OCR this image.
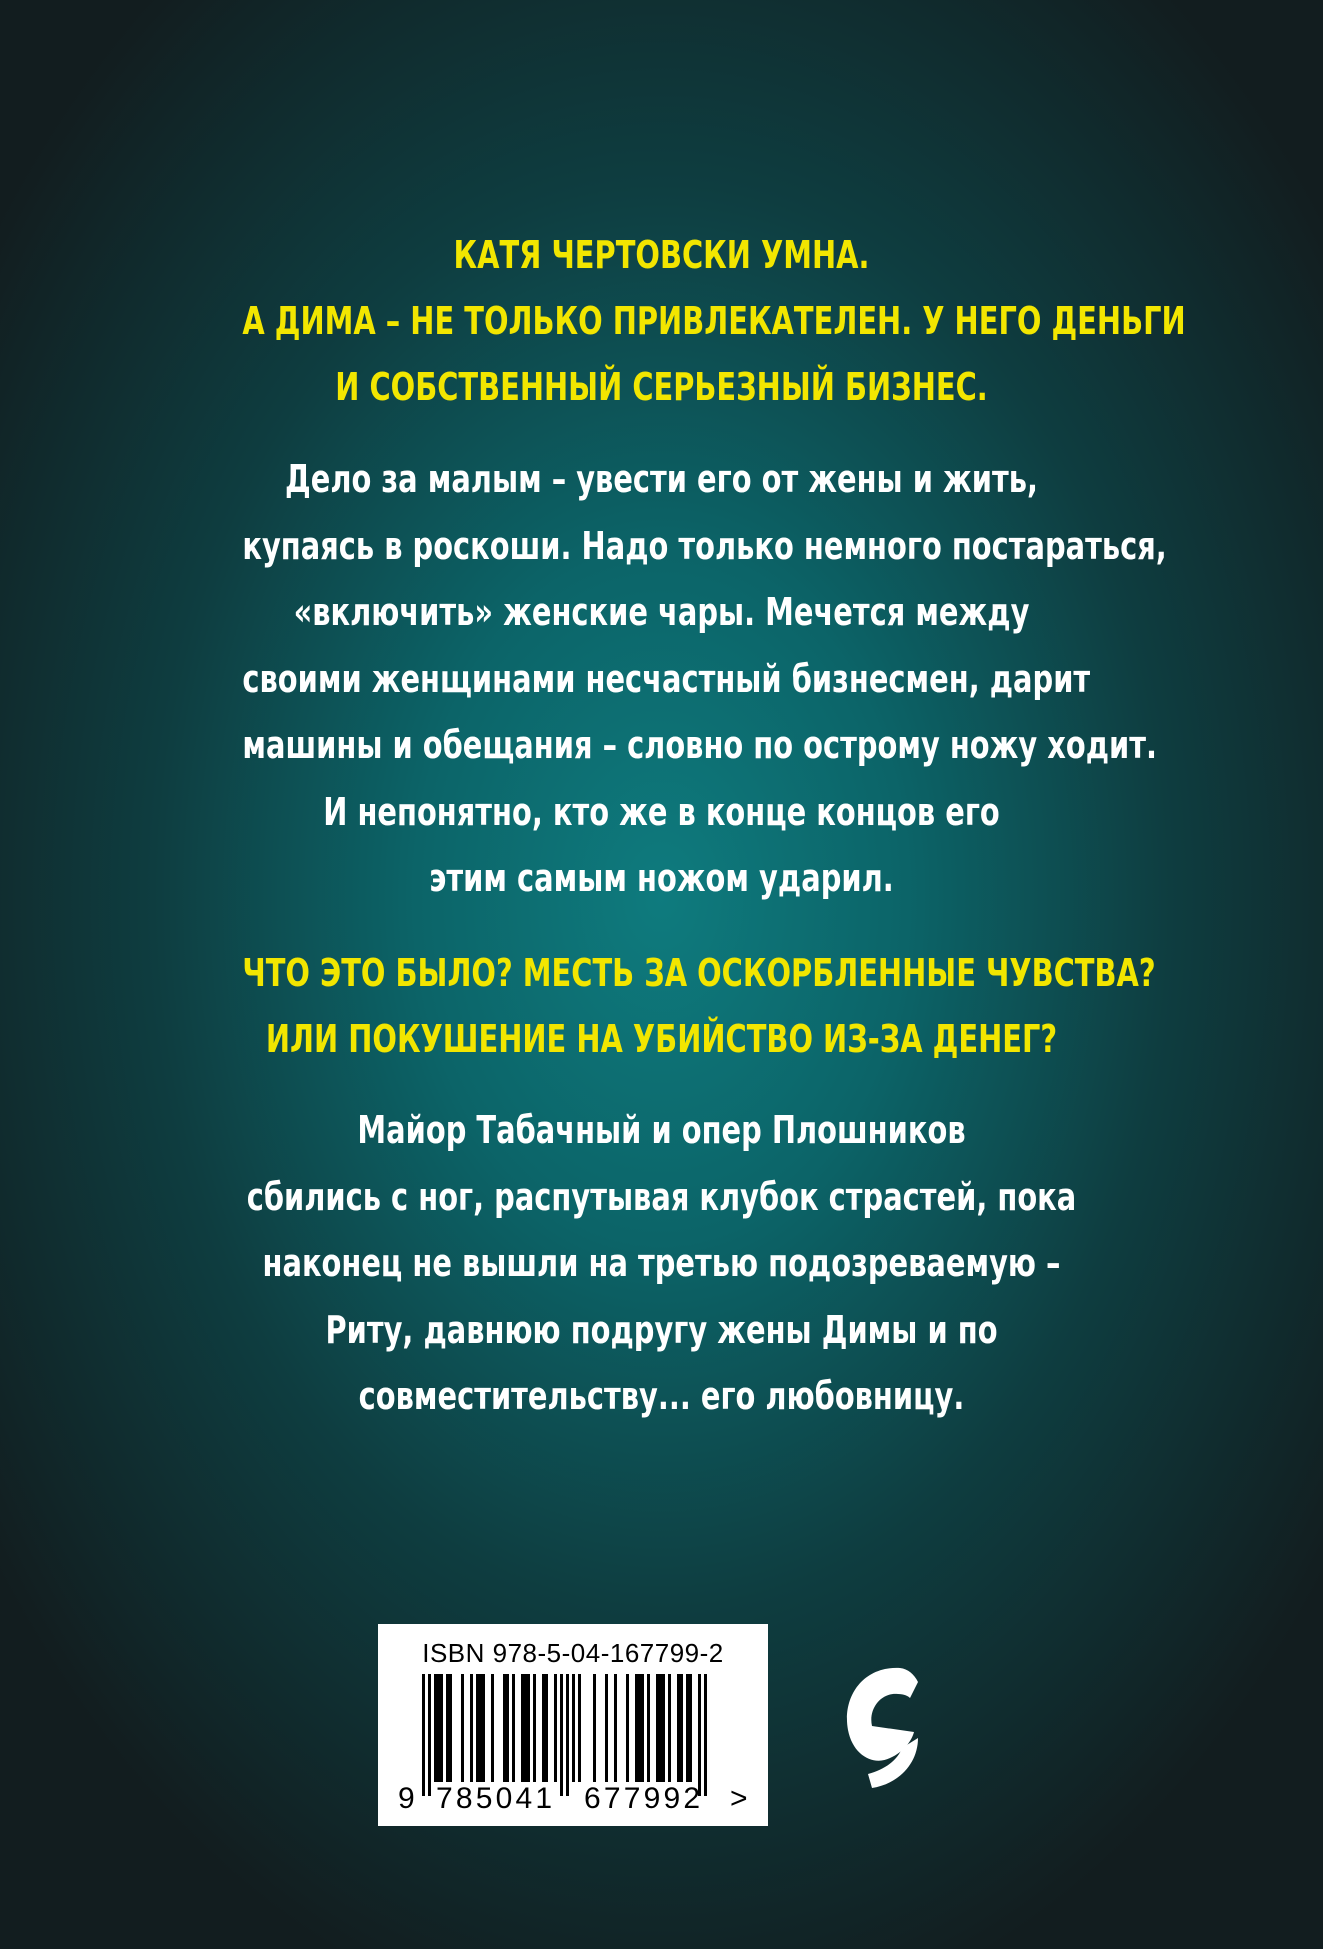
КАТЯ ЧЕРТОВСКИ УМНА.
А ДИМА – НЕ ТОЛЬКО ПРИВЛЕКАТЕЛЕН. У НЕГО ДЕНЬГИ
И СОБСТВЕННЫЙ СЕРЬЕЗНЫЙ БИЗНЕС.
Дело за малым – увести его от жены и жить,
купаясь в роскоши. Надо только немного постараться,
«включить» женские чары. Мечется между
своими женщинами несчастный бизнесмен, дарит
машины и обещания – словно по острому ножу ходит.
И непонятно, кто же в конце концов его
этим самым ножом ударил.
ЧТО ЭТО БЫЛО? МЕСТЬ ЗА ОСКОРБЛЕННЫЕ ЧУВСТВА?
ИЛИ ПОКУШЕНИЕ НА УБИЙСТВО ИЗ-ЗА ДЕНЕГ?
Майор Табачный и опер Плошников
сбились с ног, распутывая клубок страстей, пока
наконец не вышли на третью подозреваемую –
Риту, давнюю подругу жены Димы и по
совместительству... его любовницу.
ISBN 978-5-04-167799-2
9 785041 677992 >
